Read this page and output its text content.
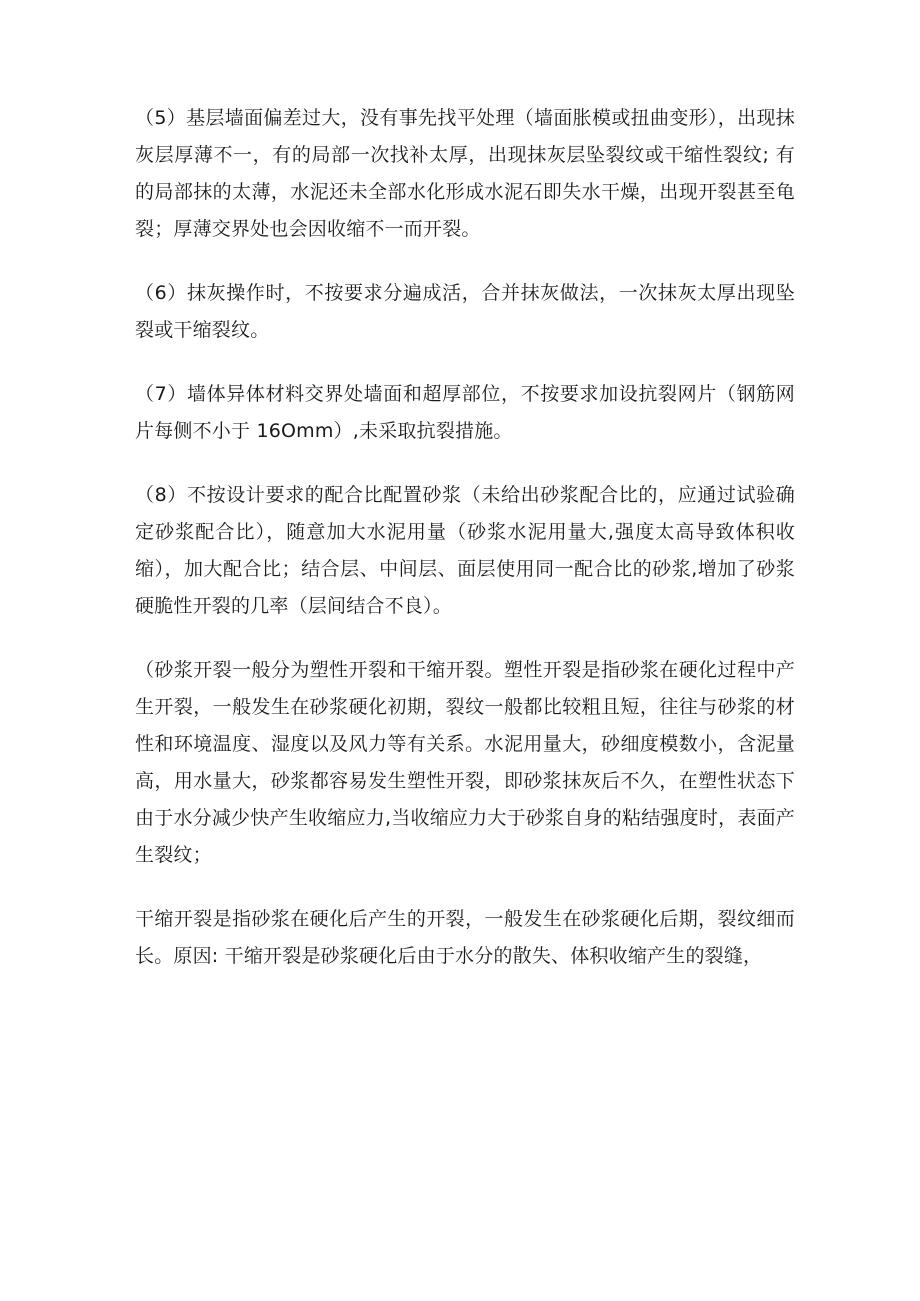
（5）基层墙面偏差过大，没有事先找平处理（墙面胀模或扭曲变形），出现抹灰层厚薄不一，有的局部一次找补太厚，出现抹灰层坠裂纹或干缩性裂纹; 有的局部抹的太薄，水泥还未全部水化形成水泥石即失水干燥，出现开裂甚至龟裂；厚薄交界处也会因收缩不一而开裂。

（6）抹灰操作时，不按要求分遍成活，合并抹灰做法，一次抹灰太厚出现坠裂或干缩裂纹。

（7）墙体异体材料交界处墙面和超厚部位，不按要求加设抗裂网片（钢筋网片每侧不小于 16Omm）,未采取抗裂措施。

（8）不按设计要求的配合比配置砂浆（未给出砂浆配合比的，应通过试验确定砂浆配合比），随意加大水泥用量（砂浆水泥用量大,强度太高导致体积收缩），加大配合比；结合层、中间层、面层使用同一配合比的砂浆,增加了砂浆硬脆性开裂的几率（层间结合不良）。

（砂浆开裂一般分为塑性开裂和干缩开裂。塑性开裂是指砂浆在硬化过程中产生开裂，一般发生在砂浆硬化初期，裂纹一般都比较粗且短，往往与砂浆的材性和环境温度、湿度以及风力等有关系。水泥用量大，砂细度模数小，含泥量高，用水量大，砂浆都容易发生塑性开裂，即砂浆抹灰后不久，在塑性状态下由于水分减少快产生收缩应力,当收缩应力大于砂浆自身的粘结强度时，表面产生裂纹；

干缩开裂是指砂浆在硬化后产生的开裂，一般发生在砂浆硬化后期，裂纹细而长。原因: 干缩开裂是砂浆硬化后由于水分的散失、体积收缩产生的裂缝，
